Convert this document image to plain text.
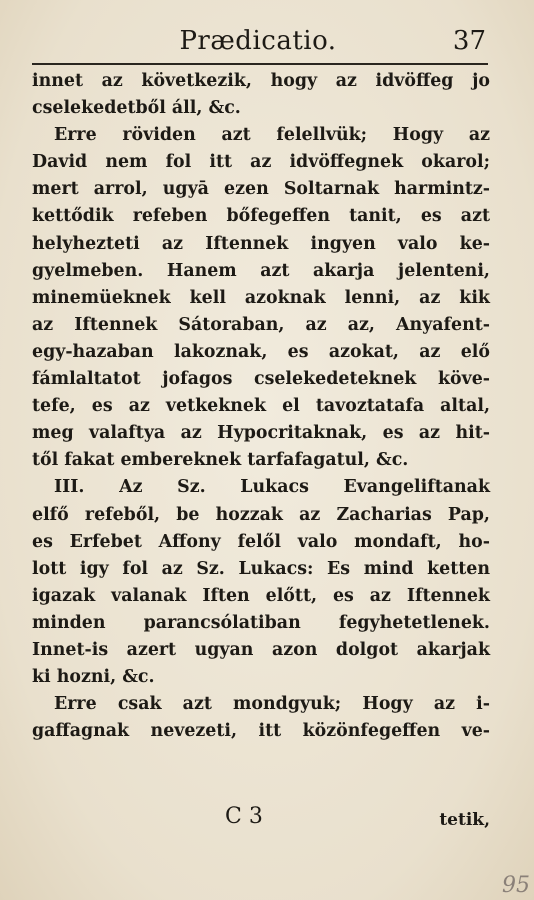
Prædicatio.	37
innet az következik, hogy az idvöffeg jo
cselekedetből áll, &c.
Erre röviden azt felellvük; Hogy az
David nem fol itt az idvöffegnek okarol;
mert arrol, ugyā ezen Soltarnak harmintz-
kettődik refeben bőfegeffen tanit, es azt
helyhezteti az Iftennek ingyen valo ke-
gyelmeben. Hanem azt akarja jelenteni,
minemüeknek kell azoknak lenni, az kik
az Iftennek Sátoraban, az az, Anyafent-
egy-hazaban lakoznak, es azokat, az elő
fámlaltatot jofagos cselekedeteknek köve-
tefe, es az vetkeknek el tavoztatafa altal,
meg valaftya az Hypocritaknak, es az hit-
től fakat embereknek tarfafagatul, &c.
III. Az Sz. Lukacs Evangeliftanak
elfő refeből, be hozzak az Zacharias Pap,
es Erfebet Affony felől valo mondaft, ho-
lott igy fol az Sz. Lukacs: Es mind ketten
igazak valanak Iften előtt, es az Iftennek
minden parancsólatiban fegyhetetlenek.
Innet-is azert ugyan azon dolgot akarjak
ki hozni, &c.
Erre csak azt mondgyuk; Hogy az i-
gaffagnak nevezeti, itt közönfegeffen ve-
C 3	tetik,
95
